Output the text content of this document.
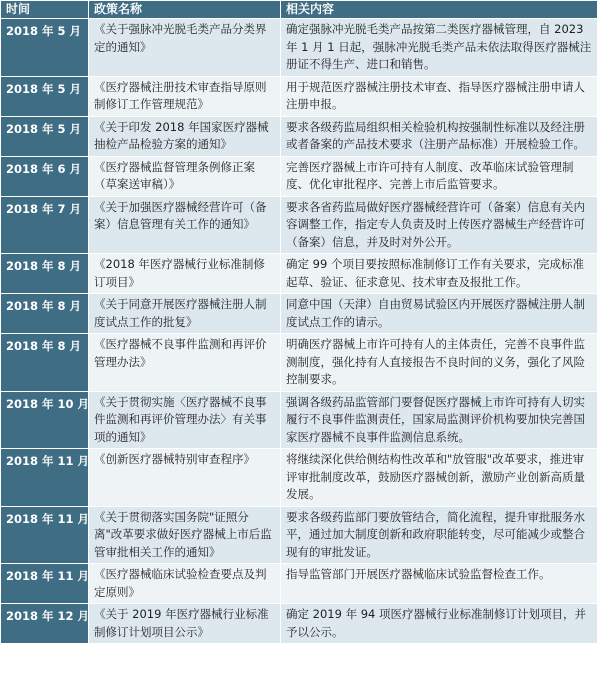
时间	政策名称	相关内容
2018 年 5 月	《关于强脉冲光脱毛类产品分类界定的通知》	确定强脉冲光脱毛类产品按第二类医疗器械管理，自 2023 年 1 月 1 日起，强脉冲光脱毛类产品未依法取得医疗器械注册证不得生产、进口和销售。
2018 年 5 月	《医疗器械注册技术审查指导原则制修订工作管理规范》	用于规范医疗器械注册技术审查、指导医疗器械注册申请人注册申报。
2018 年 5 月	《关于印发 2018 年国家医疗器械抽检产品检验方案的通知》	要求各级药监局组织相关检验机构按强制性标准以及经注册或者备案的产品技术要求（注册产品标准）开展检验工作。
2018 年 6 月	《医疗器械监督管理条例修正案（草案送审稿）》	完善医疗器械上市许可持有人制度、改革临床试验管理制度、优化审批程序、完善上市后监管要求。
2018 年 7 月	《关于加强医疗器械经营许可（备案）信息管理有关工作的通知》	要求各省药监局做好医疗器械经营许可（备案）信息有关内容调整工作，指定专人负责及时上传医疗器械生产经营许可（备案）信息，并及时对外公开。
2018 年 8 月	《2018 年医疗器械行业标准制修订项目》	确定 99 个项目要按照标准制修订工作有关要求，完成标准起草、验证、征求意见、技术审查及报批工作。
2018 年 8 月	《关于同意开展医疗器械注册人制度试点工作的批复》	同意中国（天津）自由贸易试验区内开展医疗器械注册人制度试点工作的请示。
2018 年 8 月	《医疗器械不良事件监测和再评价管理办法》	明确医疗器械上市许可持有人的主体责任，完善不良事件监测制度，强化持有人直接报告不良时间的义务，强化了风险控制要求。
2018 年 10 月	《关于贯彻实施〈医疗器械不良事件监测和再评价管理办法〉有关事项的通知》	强调各级药品监管部门要督促医疗器械上市许可持有人切实履行不良事件监测责任，国家局监测评价机构要加快完善国家医疗器械不良事件监测信息系统。
2018 年 11 月	《创新医疗器械特别审查程序》	将继续深化供给侧结构性改革和"放管服"改革要求，推进审评审批制度改革，鼓励医疗器械创新，激励产业创新高质量发展。
2018 年 11 月	《关于贯彻落实国务院"证照分离"改革要求做好医疗器械上市后监管审批相关工作的通知》	要求各级药监部门要放管结合，简化流程，提升审批服务水平，通过加大制度创新和政府职能转变，尽可能减少或整合现有的审批发证。
2018 年 11 月	《医疗器械临床试验检查要点及判定原则》	指导监管部门开展医疗器械临床试验监督检查工作。
2018 年 12 月	《关于 2019 年医疗器械行业标准制修订计划项目公示》	确定 2019 年 94 项医疗器械行业标准制修订计划项目，并予以公示。
